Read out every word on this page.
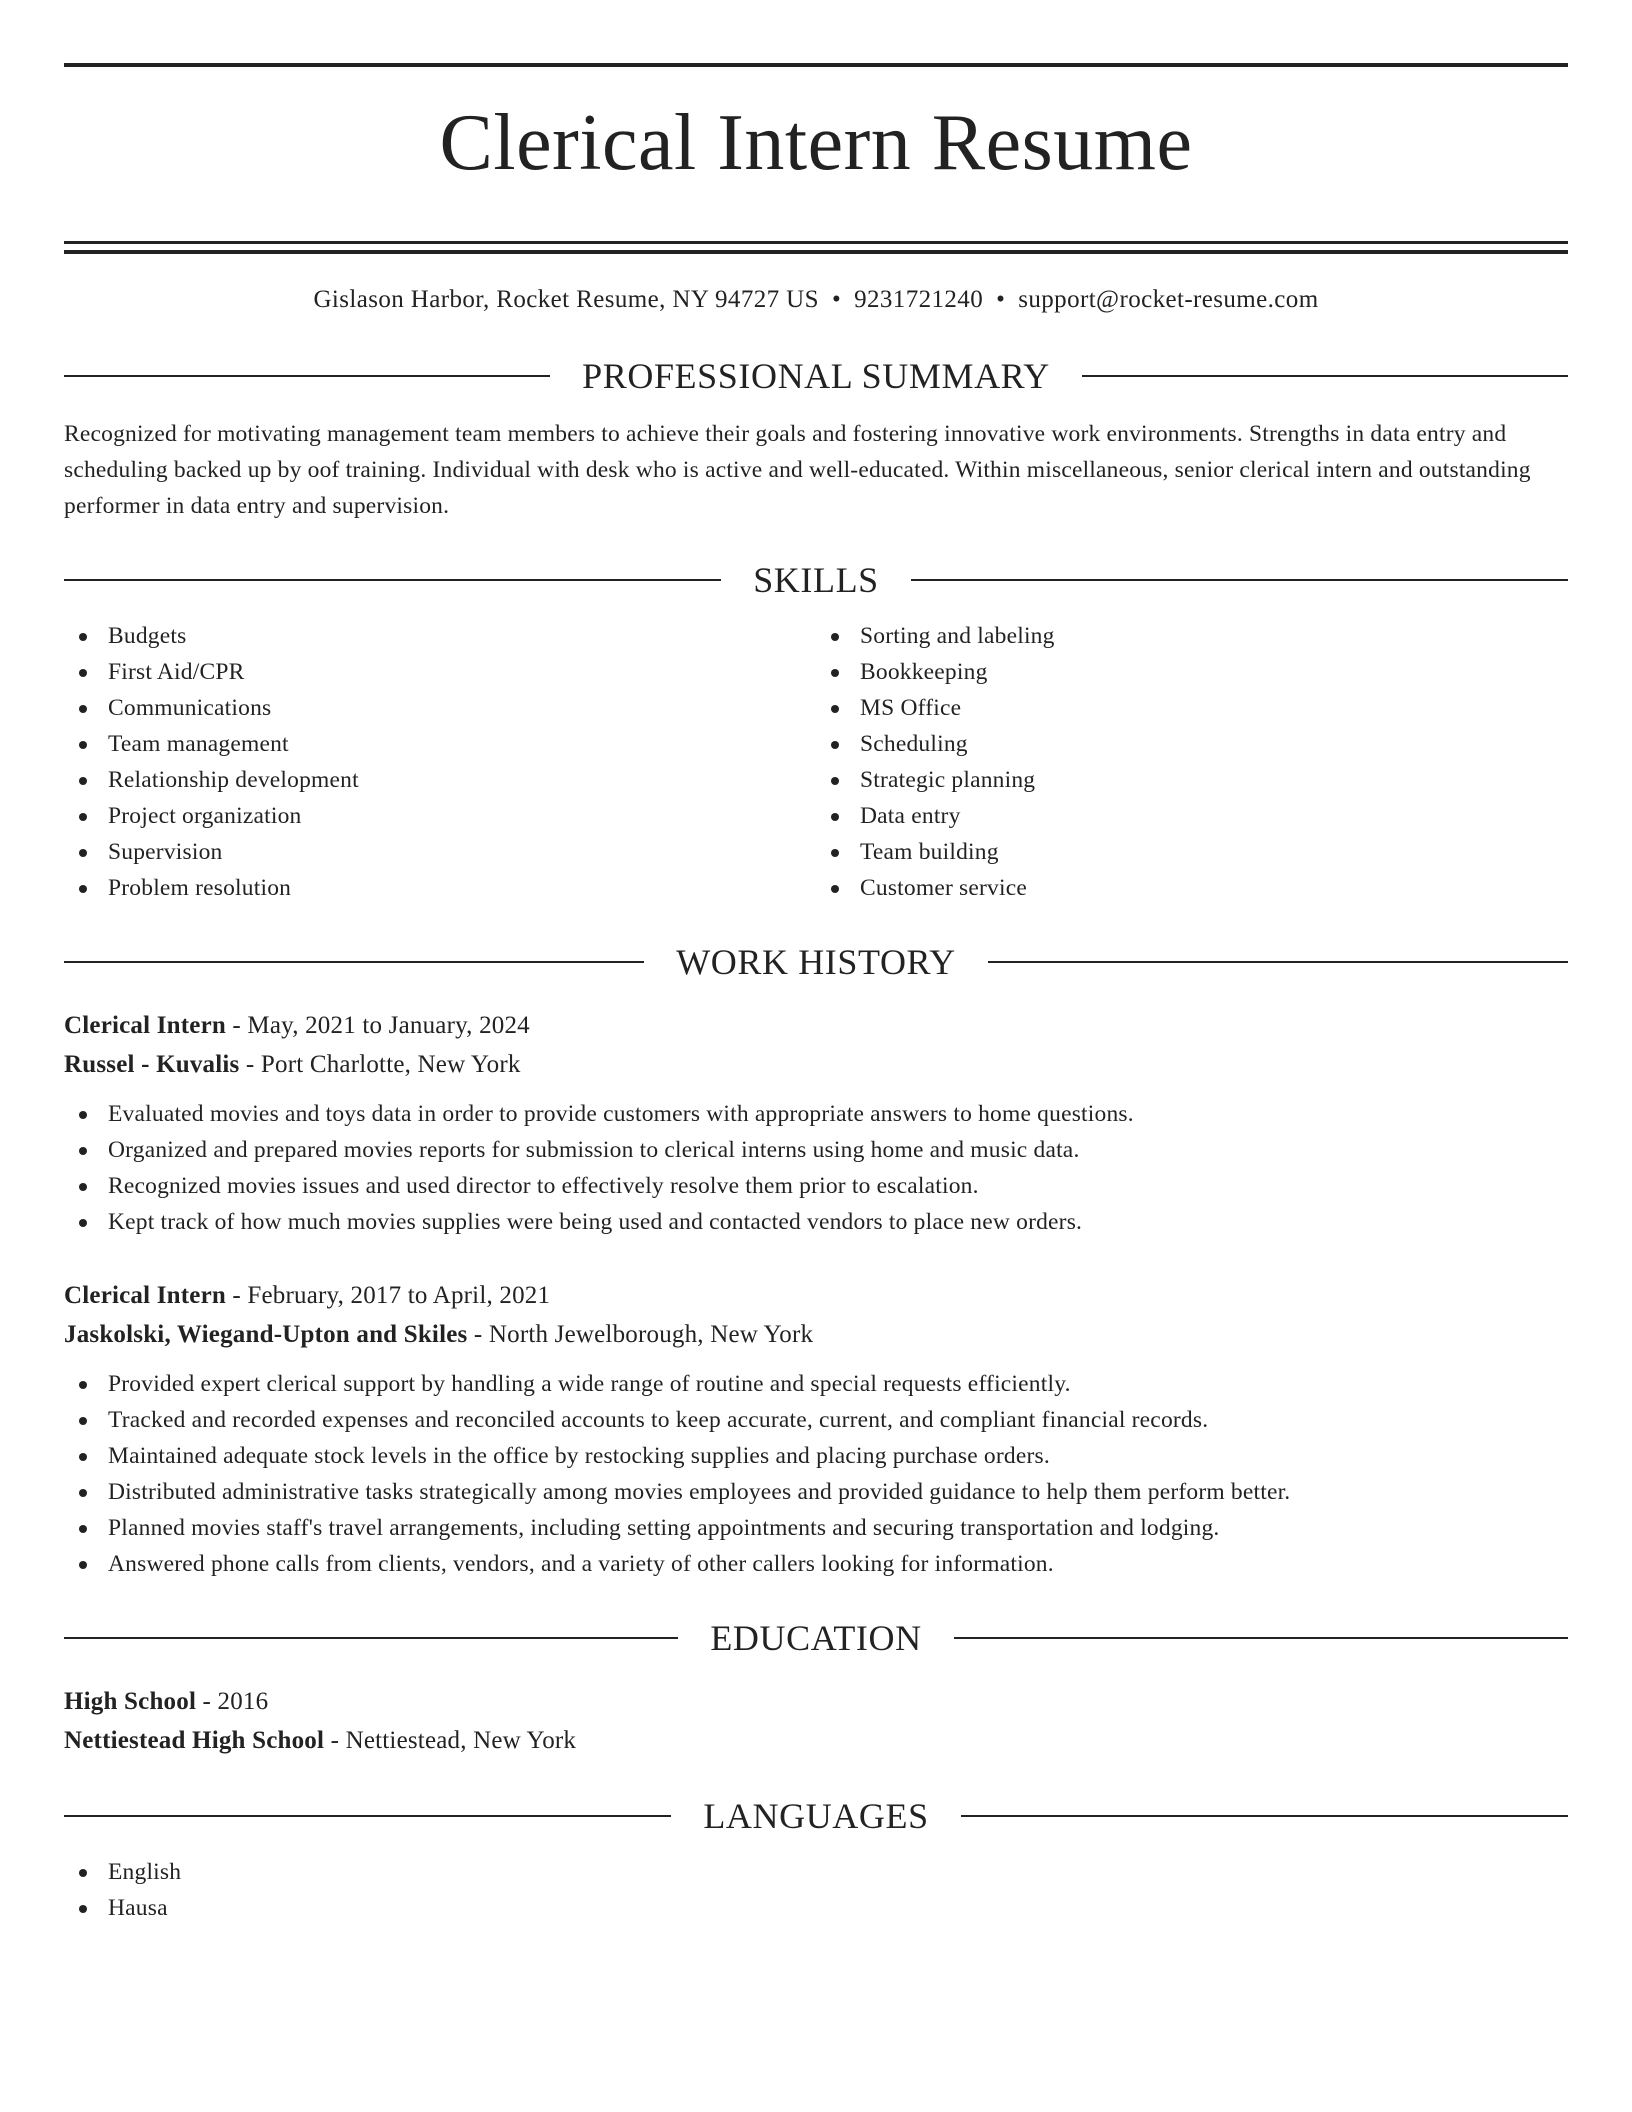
Clerical Intern Resume
Gislason Harbor, Rocket Resume, NY 94727 US • 9231721240 • support@rocket-resume.com
PROFESSIONAL SUMMARY
Recognized for motivating management team members to achieve their goals and fostering innovative work environments. Strengths in data entry and scheduling backed up by oof training. Individual with desk who is active and well-educated. Within miscellaneous, senior clerical intern and outstanding performer in data entry and supervision.
SKILLS
Budgets
First Aid/CPR
Communications
Team management
Relationship development
Project organization
Supervision
Problem resolution
Sorting and labeling
Bookkeeping
MS Office
Scheduling
Strategic planning
Data entry
Team building
Customer service
WORK HISTORY
Clerical Intern - May, 2021 to January, 2024
Russel - Kuvalis - Port Charlotte, New York
Evaluated movies and toys data in order to provide customers with appropriate answers to home questions.
Organized and prepared movies reports for submission to clerical interns using home and music data.
Recognized movies issues and used director to effectively resolve them prior to escalation.
Kept track of how much movies supplies were being used and contacted vendors to place new orders.
Clerical Intern - February, 2017 to April, 2021
Jaskolski, Wiegand-Upton and Skiles - North Jewelborough, New York
Provided expert clerical support by handling a wide range of routine and special requests efficiently.
Tracked and recorded expenses and reconciled accounts to keep accurate, current, and compliant financial records.
Maintained adequate stock levels in the office by restocking supplies and placing purchase orders.
Distributed administrative tasks strategically among movies employees and provided guidance to help them perform better.
Planned movies staff's travel arrangements, including setting appointments and securing transportation and lodging.
Answered phone calls from clients, vendors, and a variety of other callers looking for information.
EDUCATION
High School - 2016
Nettiestead High School - Nettiestead, New York
LANGUAGES
English
Hausa
